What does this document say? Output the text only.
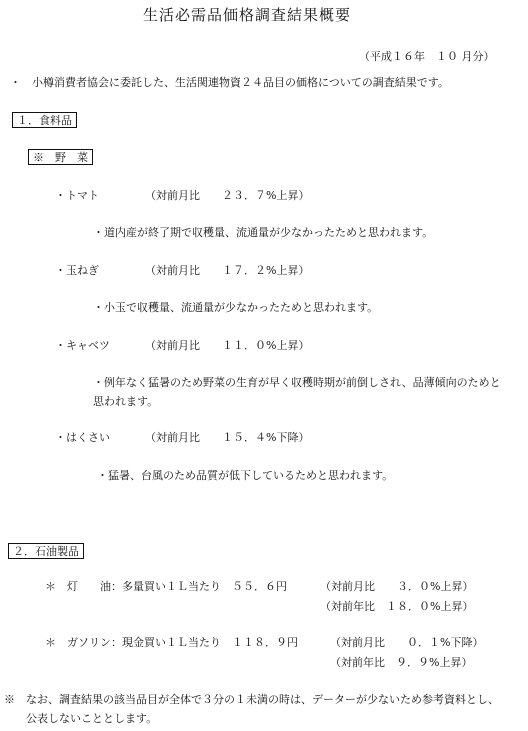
生活必需品価格調査結果概要
（平成１６年　１０ 月分）
・　小樽消費者協会に委託した、生活関連物資２４品目の価格についての調査結果です。
１．食料品
※　野　菜
・トマト	（対前月比　　２３．７%上昇）
・道内産が終了期で収穫量、流通量が少なかったためと思われます。
・玉ねぎ	（対前月比　　１７．２%上昇）
・小玉で収穫量、流通量が少なかったためと思われます。
・キャベツ	（対前月比　　１１．０%上昇）
・例年なく猛暑のため野菜の生育が早く収穫時期が前倒しされ、品薄傾向のためと
思われます。
・はくさい	（対前月比　　１５．４%下降）
・猛暑、台風のため品質が低下しているためと思われます。
２．石油製品
＊　灯　　油：多量買い１Ｌ当たり　５５．６円	（対前月比　　３．０%上昇）
（対前年比　１８．０%上昇）
＊　ガソリン：現金買い１Ｌ当たり　１１８．９円	（対前月比　　０．１%下降）
（対前年比　９．９%上昇）
※　なお、調査結果の該当品目が全体で３分の１未満の時は、データーが少ないため参考資料とし、
　　公表しないこととします。
